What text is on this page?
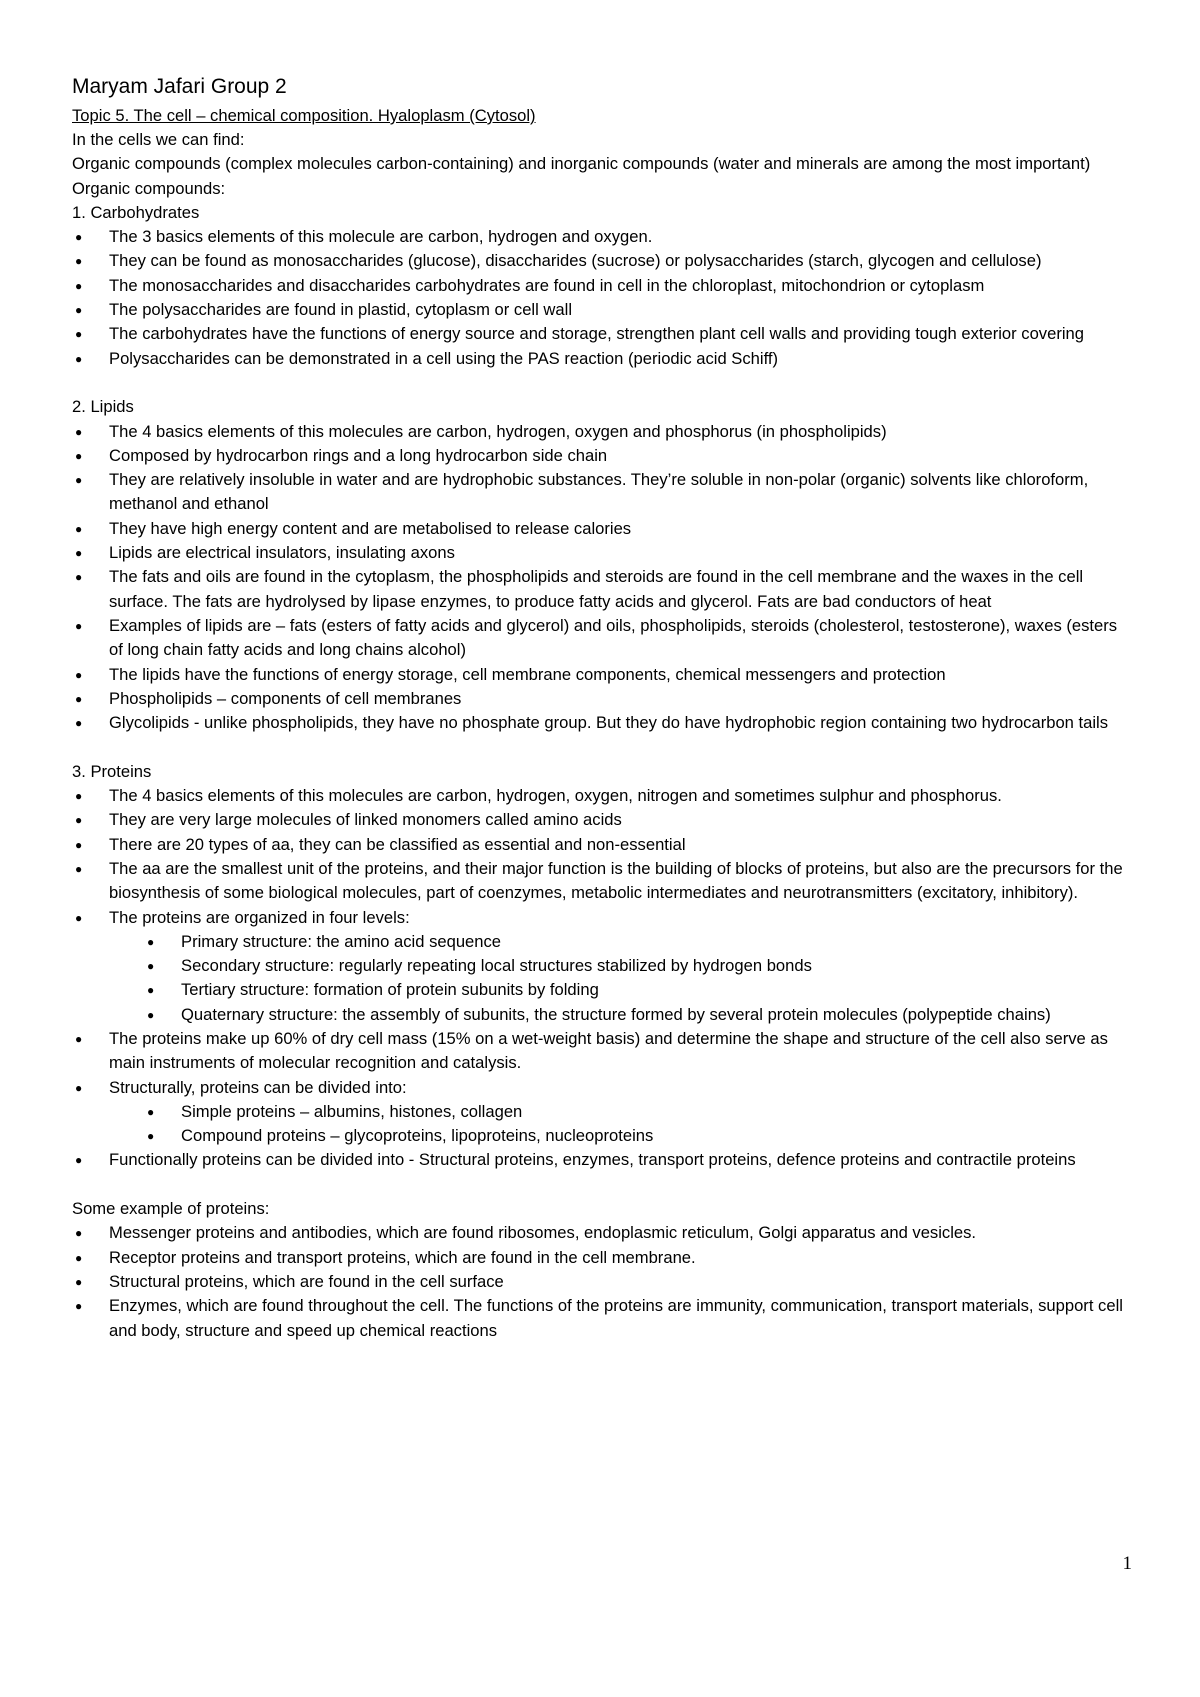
Maryam Jafari Group 2
Topic 5. The cell – chemical composition. Hyaloplasm (Cytosol)
In the cells we can find:
Organic compounds (complex molecules carbon-containing) and inorganic compounds (water and minerals are among the most important)
Organic compounds:
1. Carbohydrates
● The 3 basics elements of this molecule are carbon, hydrogen and oxygen.
● They can be found as monosaccharides (glucose), disaccharides (sucrose) or polysaccharides (starch, glycogen and cellulose)
● The monosaccharides and disaccharides carbohydrates are found in cell in the chloroplast, mitochondrion or cytoplasm
● The polysaccharides are found in plastid, cytoplasm or cell wall
● The carbohydrates have the functions of energy source and storage, strengthen plant cell walls and providing tough exterior covering
● Polysaccharides can be demonstrated in a cell using the PAS reaction (periodic acid Schiff)
2. Lipids
● The 4 basics elements of this molecules are carbon, hydrogen, oxygen and phosphorus (in phospholipids)
● Composed by hydrocarbon rings and a long hydrocarbon side chain
● They are relatively insoluble in water and are hydrophobic substances. They’re soluble in non-polar (organic) solvents like chloroform, methanol and ethanol
● They have high energy content and are metabolised to release calories
● Lipids are electrical insulators, insulating axons
● The fats and oils are found in the cytoplasm, the phospholipids and steroids are found in the cell membrane and the waxes in the cell surface. The fats are hydrolysed by lipase enzymes, to produce fatty acids and glycerol. Fats are bad conductors of heat
● Examples of lipids are – fats (esters of fatty acids and glycerol) and oils, phospholipids, steroids (cholesterol, testosterone), waxes (esters of long chain fatty acids and long chains alcohol)
● The lipids have the functions of energy storage, cell membrane components, chemical messengers and protection
● Phospholipids – components of cell membranes
● Glycolipids - unlike phospholipids, they have no phosphate group. But they do have hydrophobic region containing two hydrocarbon tails
3. Proteins
● The 4 basics elements of this molecules are carbon, hydrogen, oxygen, nitrogen and sometimes sulphur and phosphorus.
● They are very large molecules of linked monomers called amino acids
● There are 20 types of aa, they can be classified as essential and non-essential
● The aa are the smallest unit of the proteins, and their major function is the building of blocks of proteins, but also are the precursors for the biosynthesis of some biological molecules, part of coenzymes, metabolic intermediates and neurotransmitters (excitatory, inhibitory).
● The proteins are organized in four levels:
● Primary structure: the amino acid sequence
● Secondary structure: regularly repeating local structures stabilized by hydrogen bonds
● Tertiary structure: formation of protein subunits by folding
● Quaternary structure: the assembly of subunits, the structure formed by several protein molecules (polypeptide chains)
● The proteins make up 60% of dry cell mass (15% on a wet-weight basis) and determine the shape and structure of the cell also serve as main instruments of molecular recognition and catalysis.
● Structurally, proteins can be divided into:
● Simple proteins – albumins, histones, collagen
● Compound proteins – glycoproteins, lipoproteins, nucleoproteins
● Functionally proteins can be divided into - Structural proteins, enzymes, transport proteins, defence proteins and contractile proteins
Some example of proteins:
● Messenger proteins and antibodies, which are found ribosomes, endoplasmic reticulum, Golgi apparatus and vesicles.
● Receptor proteins and transport proteins, which are found in the cell membrane.
● Structural proteins, which are found in the cell surface
● Enzymes, which are found throughout the cell. The functions of the proteins are immunity, communication, transport materials, support cell and body, structure and speed up chemical reactions
1
